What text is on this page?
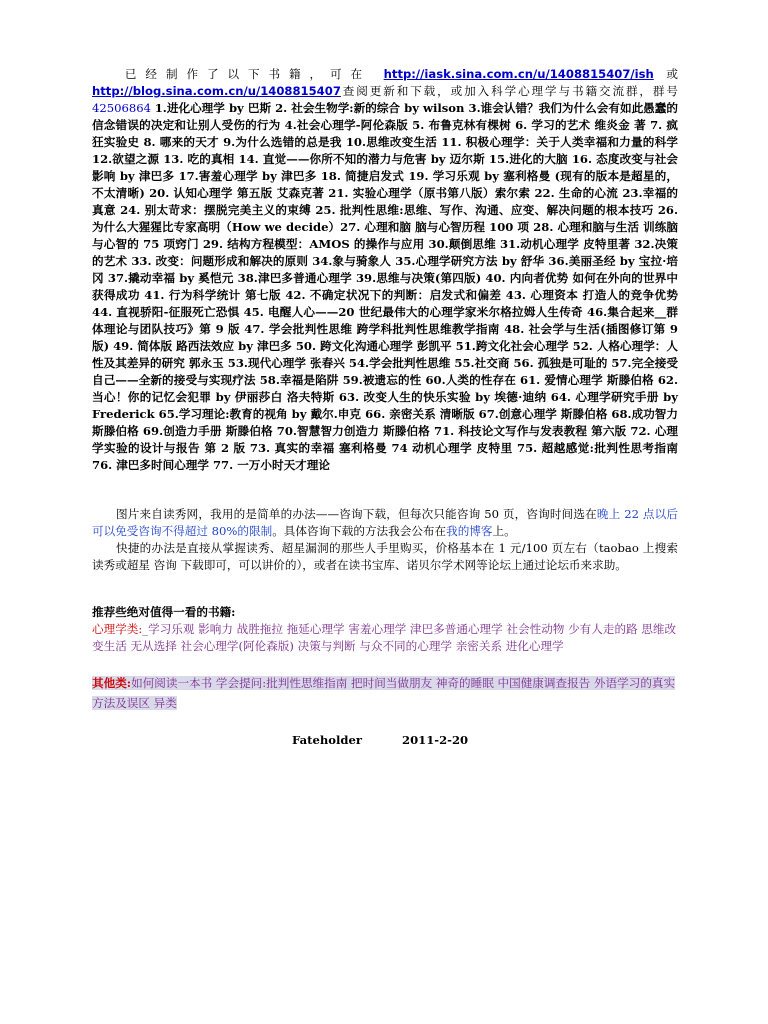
已经制作了以下书籍，可在 http://iask.sina.com.cn/u/1408815407/ish 或 http://blog.sina.com.cn/u/1408815407查阅更新和下载，或加入科学心理学与书籍交流群，群号 42506864 1.进化心理学 by 巴斯 2. 社会生物学:新的综合 by wilson 3.谁会认错？我们为什么会有如此愚蠢的信念错误的决定和让别人受伤的行为 4.社会心理学-阿伦森版 5. 布鲁克林有棵树 6. 学习的艺术 维炎金 著 7. 疯狂实验史 8. 哪来的天才 9.为什么选错的总是我 10.思维改变生活 11. 积极心理学：关于人类幸福和力量的科学 12.欲望之源 13. 吃的真相 14. 直觉——你所不知的潜力与危害 by 迈尔斯 15.进化的大脑 16. 态度改变与社会影响 by 津巴多 17.害羞心理学 by 津巴多 18. 简捷启发式 19. 学习乐观 by 塞利格曼 (现有的版本是超星的，不太清晰) 20. 认知心理学 第五版 艾森克著 21. 实验心理学（原书第八版）索尔索 22. 生命的心流 23.幸福的真意 24. 别太苛求：摆脱完美主义的束缚 25. 批判性思维:思维、写作、沟通、应变、解决问题的根本技巧 26. 为什么大猩猩比专家高明（How we decide）27. 心理和脑 脑与心智历程 100 项 28. 心理和脑与生活 训练脑与心智的 75 项窍门 29. 结构方程模型：AMOS 的操作与应用 30.颠倒思维 31.动机心理学 皮特里著 32.决策的艺术 33. 改变：问题形成和解决的原则 34.象与骑象人 35.心理学研究方法 by 舒华 36.美丽圣经 by 宝拉·培冈 37.撬动幸福 by 奚恺元 38.津巴多普通心理学 39.思维与决策(第四版) 40. 内向者优势 如何在外向的世界中获得成功 41. 行为科学统计 第七版 42. 不确定状况下的判断：启发式和偏差 43. 心理资本 打造人的竞争优势 44. 直视骄阳-征服死亡恐惧 45. 电醒人心——20 世纪最伟大的心理学家米尔格拉姆人生传奇 46.集合起来__群体理论与团队技巧》第 9 版 47. 学会批判性思维 跨学科批判性思维教学指南 48. 社会学与生活(插图修订第 9 版) 49. 简体版 路西法效应 by 津巴多 50. 跨文化沟通心理学 彭凯平 51.跨文化社会心理学 52. 人格心理学：人性及其差异的研究 郭永玉 53.现代心理学 张春兴 54.学会批判性思维 55.社交商 56. 孤独是可耻的 57.完全接受自己——全新的接受与实现疗法 58.幸福是陷阱 59.被遗忘的性 60.人类的性存在 61. 爱情心理学 斯滕伯格 62. 当心！你的记忆会犯罪 by 伊丽莎白 洛夫特斯 63. 改变人生的快乐实验 by 埃德·迪纳 64. 心理学研究手册 by Frederick 65.学习理论:教育的视角 by 戴尔.申克 66. 亲密关系 清晰版 67.创意心理学 斯滕伯格 68.成功智力 斯滕伯格 69.创造力手册 斯滕伯格 70.智慧智力创造力 斯滕伯格 71. 科技论文写作与发表教程 第六版 72. 心理学实验的设计与报告 第 2 版 73. 真实的幸福 塞利格曼 74 动机心理学 皮特里 75. 超越感觉:批判性思考指南 76. 津巴多时间心理学 77. 一万小时天才理论

图片来自读秀网，我用的是简单的办法——咨询下载，但每次只能咨询 50 页，咨询时间选在晚上 22 点以后可以免受咨询不得超过 80%的限制。具体咨询下载的方法我会公布在我的博客上。

快捷的办法是直接从掌握读秀、超星漏洞的那些人手里购买，价格基本在 1 元/100 页左右（taobao 上搜索读秀或超星 咨询 下载即可，可以讲价的），或者在读书宝库、诺贝尔学术网等论坛上通过论坛币来求助。

推荐些绝对值得一看的书籍:

心理学类:_学习乐观 影响力 战胜拖拉 拖延心理学 害羞心理学 津巴多普通心理学 社会性动物 少有人走的路 思维改变生活 无从选择 社会心理学(阿伦森版) 决策与判断 与众不同的心理学 亲密关系 进化心理学

其他类:如何阅读一本书 学会提问:批判性思维指南 把时间当做朋友 神奇的睡眠 中国健康调查报告 外语学习的真实方法及误区 异类

Fateholder	2011-2-20
